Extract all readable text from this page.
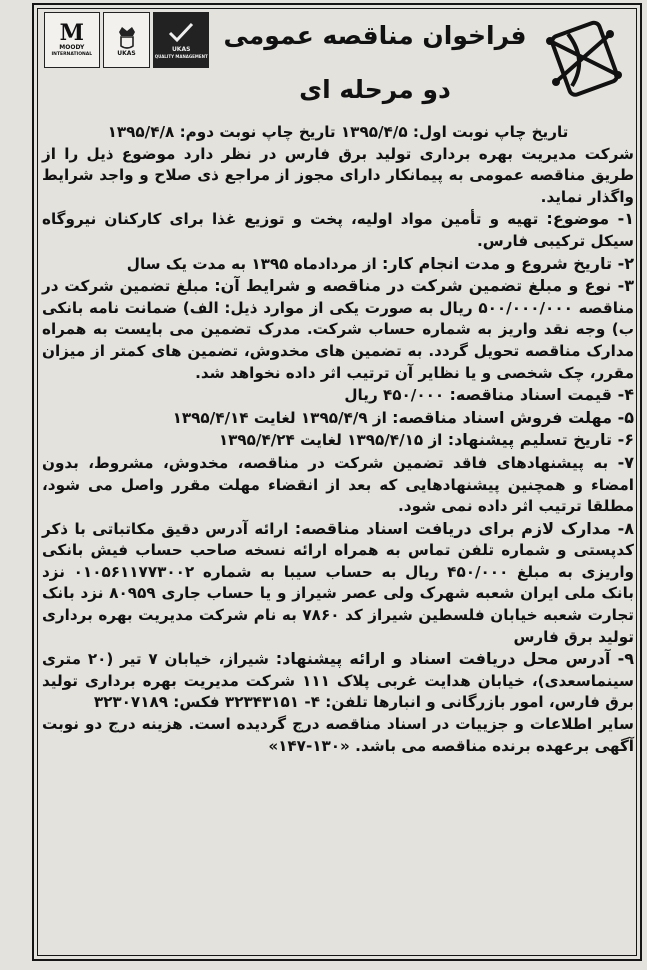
M
MOODY
INTERNATIONAL	UKAS	UKAS
QUALITY MANAGEMENT
فراخوان مناقصه عمومی
دو مرحله ای

تاریخ چاپ نوبت اول: ۱۳۹۵/۴/۵ تاریخ چاپ نوبت دوم: ۱۳۹۵/۴/۸

شرکت مدیریت بهره برداری تولید برق فارس در نظر دارد موضوع ذیل را از طریق مناقصه عمومی به پیمانکار دارای مجوز از مراجع ذی صلاح و واجد شرایط واگذار نماید.

۱- موضوع: تهیه و تأمین مواد اولیه، پخت و توزیع غذا برای کارکنان نیروگاه سیکل ترکیبی فارس.

۲- تاریخ شروع و مدت انجام کار: از مردادماه ۱۳۹۵ به مدت یک سال

۳- نوع و مبلغ تضمین شرکت در مناقصه و شرایط آن: مبلغ تضمین شرکت در مناقصه ۵۰۰/۰۰۰/۰۰۰ ریال به صورت یکی از موارد ذیل: الف) ضمانت نامه بانکی ب) وجه نقد واریز به شماره حساب شرکت. مدرک تضمین می بایست به همراه مدارک مناقصه تحویل گردد. به تضمین های مخدوش، تضمین های کمتر از میزان مقرر، چک شخصی و یا نظایر آن ترتیب اثر داده نخواهد شد.

۴- قیمت اسناد مناقصه: ۴۵۰/۰۰۰ ریال

۵- مهلت فروش اسناد مناقصه: از ۱۳۹۵/۴/۹ لغایت ۱۳۹۵/۴/۱۴

۶- تاریخ تسلیم پیشنهاد: از ۱۳۹۵/۴/۱۵ لغایت ۱۳۹۵/۴/۲۴

۷- به پیشنهادهای فاقد تضمین شرکت در مناقصه، مخدوش، مشروط، بدون امضاء و همچنین پیشنهادهایی که بعد از انقضاء مهلت مقرر واصل می شود، مطلقا ترتیب اثر داده نمی شود.

۸- مدارک لازم برای دریافت اسناد مناقصه: ارائه آدرس دقیق مکاتباتی با ذکر کدپستی و شماره تلفن تماس به همراه ارائه نسخه صاحب حساب فیش بانکی واریزی به مبلغ ۴۵۰/۰۰۰ ریال به حساب سیبا به شماره ۰۱۰۵۶۱۱۷۷۳۰۰۲ نزد بانک ملی ایران شعبه شهرک ولی عصر شیراز و یا حساب جاری ۸۰۹۵۹ نزد بانک تجارت شعبه خیابان فلسطین شیراز کد ۷۸۶۰ به نام شرکت مدیریت بهره برداری تولید برق فارس

۹- آدرس محل دریافت اسناد و ارائه پیشنهاد: شیراز، خیابان ۷ تیر (۲۰ متری سینماسعدی)، خیابان هدایت غربی پلاک ۱۱۱ شرکت مدیریت بهره برداری تولید برق فارس، امور بازرگانی و انبارها تلفن: ۴- ۳۲۳۴۳۱۵۱ فکس: ۳۲۳۰۷۱۸۹

سایر اطلاعات و جزییات در اسناد مناقصه درج گردیده است. هزینه درج دو نوبت آگهی برعهده برنده مناقصه می باشد. «۱۴۷-۱۳۰»
